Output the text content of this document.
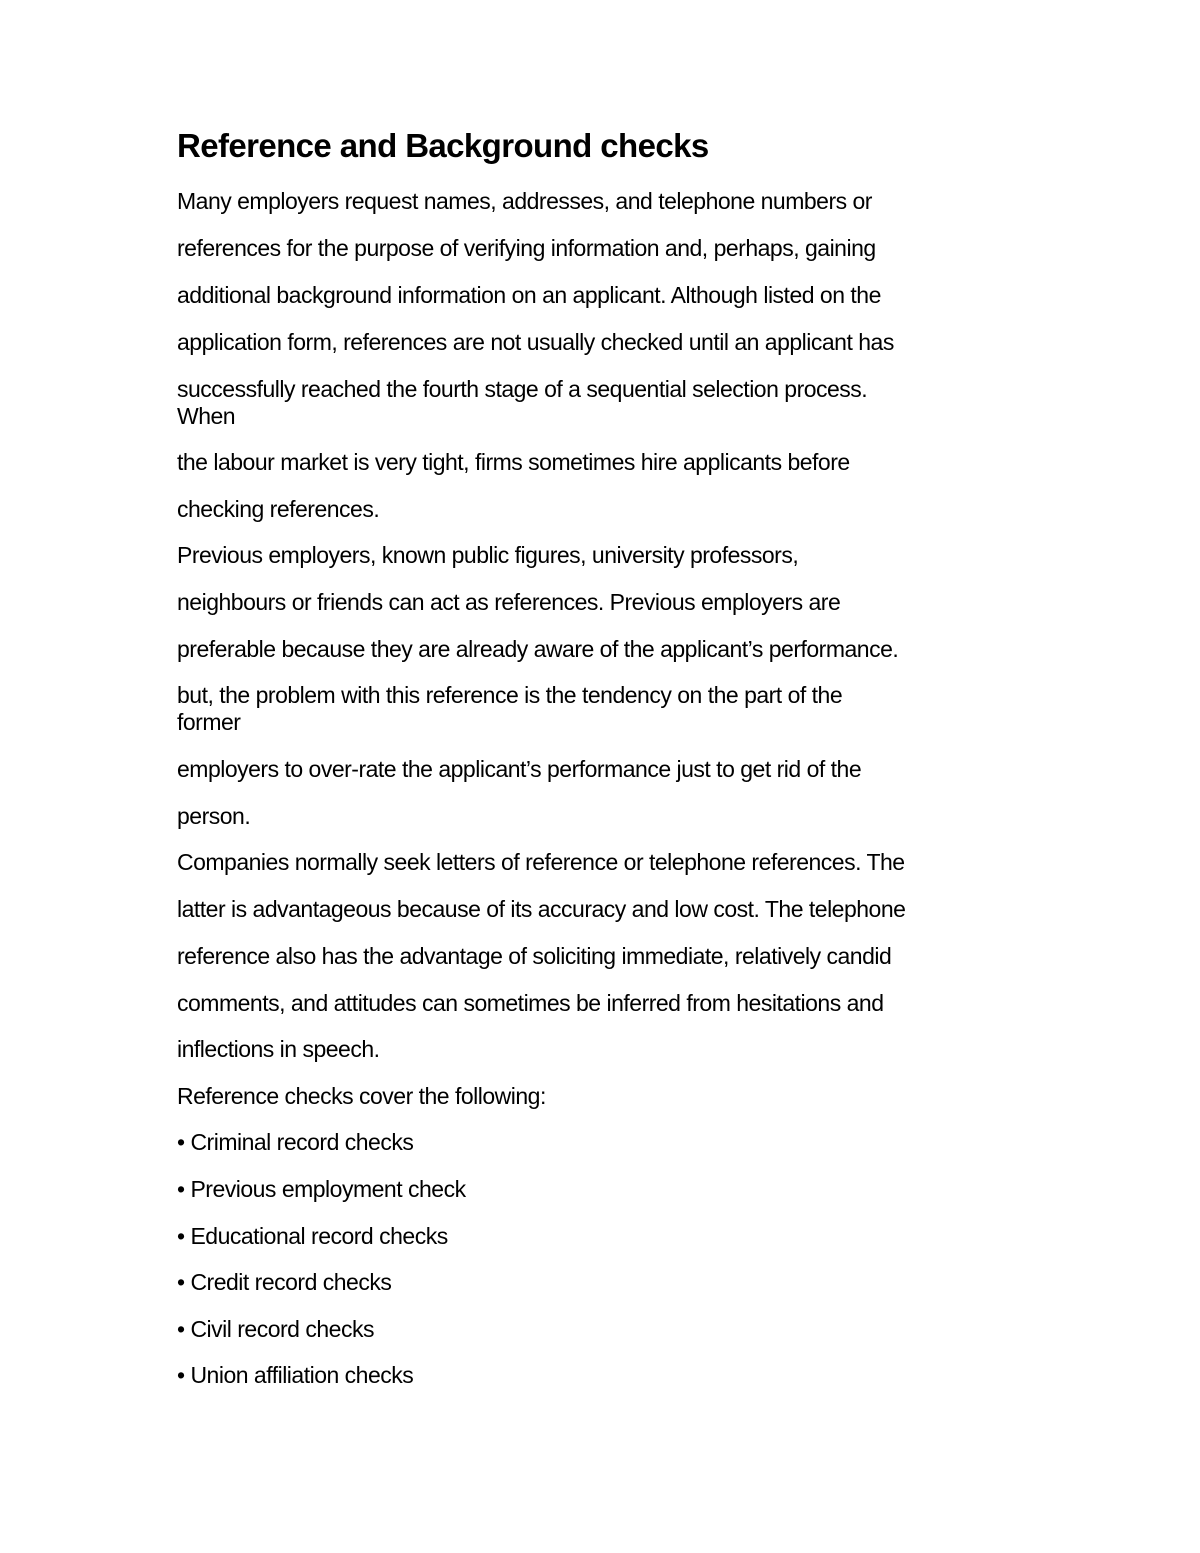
Reference and Background checks

Many employers request names, addresses, and telephone numbers or

references for the purpose of verifying information and, perhaps, gaining

additional background information on an applicant. Although listed on the

application form, references are not usually checked until an applicant has

successfully reached the fourth stage of a sequential selection process.

When

the labour market is very tight, firms sometimes hire applicants before

checking references.

Previous employers, known public figures, university professors,

neighbours or friends can act as references. Previous employers are

preferable because they are already aware of the applicant’s performance.

but, the problem with this reference is the tendency on the part of the

former

employers to over-rate the applicant’s performance just to get rid of the

person.

Companies normally seek letters of reference or telephone references. The

latter is advantageous because of its accuracy and low cost. The telephone

reference also has the advantage of soliciting immediate, relatively candid

comments, and attitudes can sometimes be inferred from hesitations and

inflections in speech.

Reference checks cover the following:

• Criminal record checks

• Previous employment check

• Educational record checks

• Credit record checks

• Civil record checks

• Union affiliation checks
